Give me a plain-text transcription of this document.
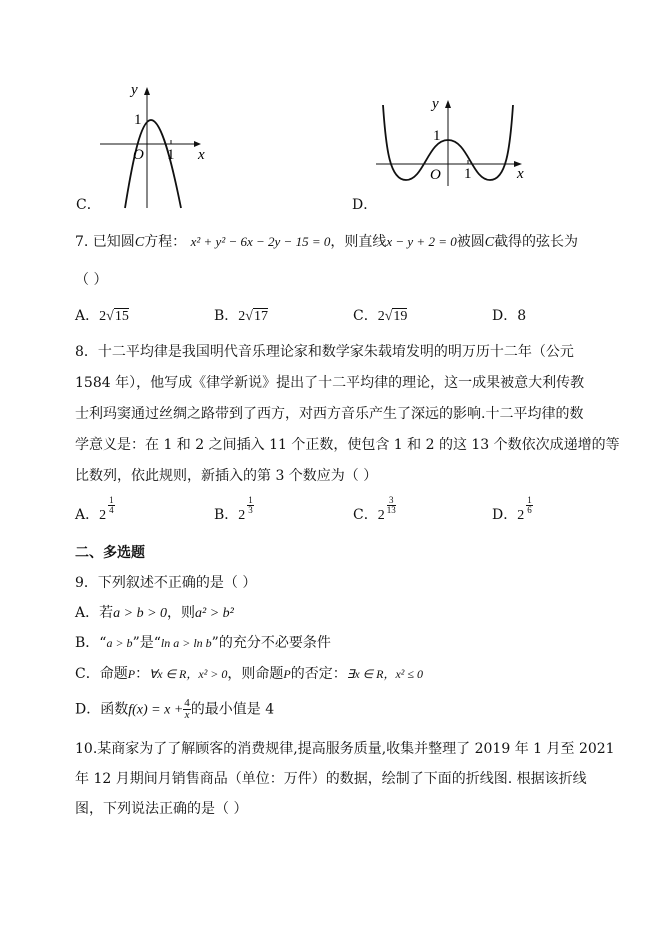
C．
y
x
O
1
1
D．
y
x
O
1
1
7. 已知圆C方程： x² + y² − 6x − 2y − 15 = 0，则直线x − y + 2 = 0被圆C截得的弦长为
（ ）
A．2√15	B．2√17	C．2√19	D．8
8．十二平均律是我国明代音乐理论家和数学家朱载堉发明的明万历十二年（公元
1584 年），他写成《律学新说》提出了十二平均律的理论，这一成果被意大利传教
士利玛窦通过丝绸之路带到了西方，对西方音乐产生了深远的影响.十二平均律的数
学意义是：在 1 和 2 之间插入 11 个正数，使包含 1 和 2 的这 13 个数依次成递增的等
比数列，依此规则，新插入的第 3 个数应为（ ）
A．2
$\frac{1}{4}$	B．2
$\frac{1}{3}$	C．2
$\frac{3}{13}$	D．2
$\frac{1}{6}$
二、多选题
9．下列叙述不正确的是（ ）
A．若a > b > 0，则a² > b²
B．“a > b”是“ln a > ln b”的充分不必要条件
C．命题P：∀x ∈ R，x² > 0，则命题P的否定：∃x ∈ R，x² ≤ 0
D．函数$f(x) = x + \frac{4}{x}$ 的最小值是 4
10.某商家为了了解顾客的消费规律,提高服务质量,收集并整理了 2019 年 1 月至 2021
年 12 月期间月销售商品（单位：万件）的数据，绘制了下面的折线图. 根据该折线
图，下列说法正确的是（ ）
